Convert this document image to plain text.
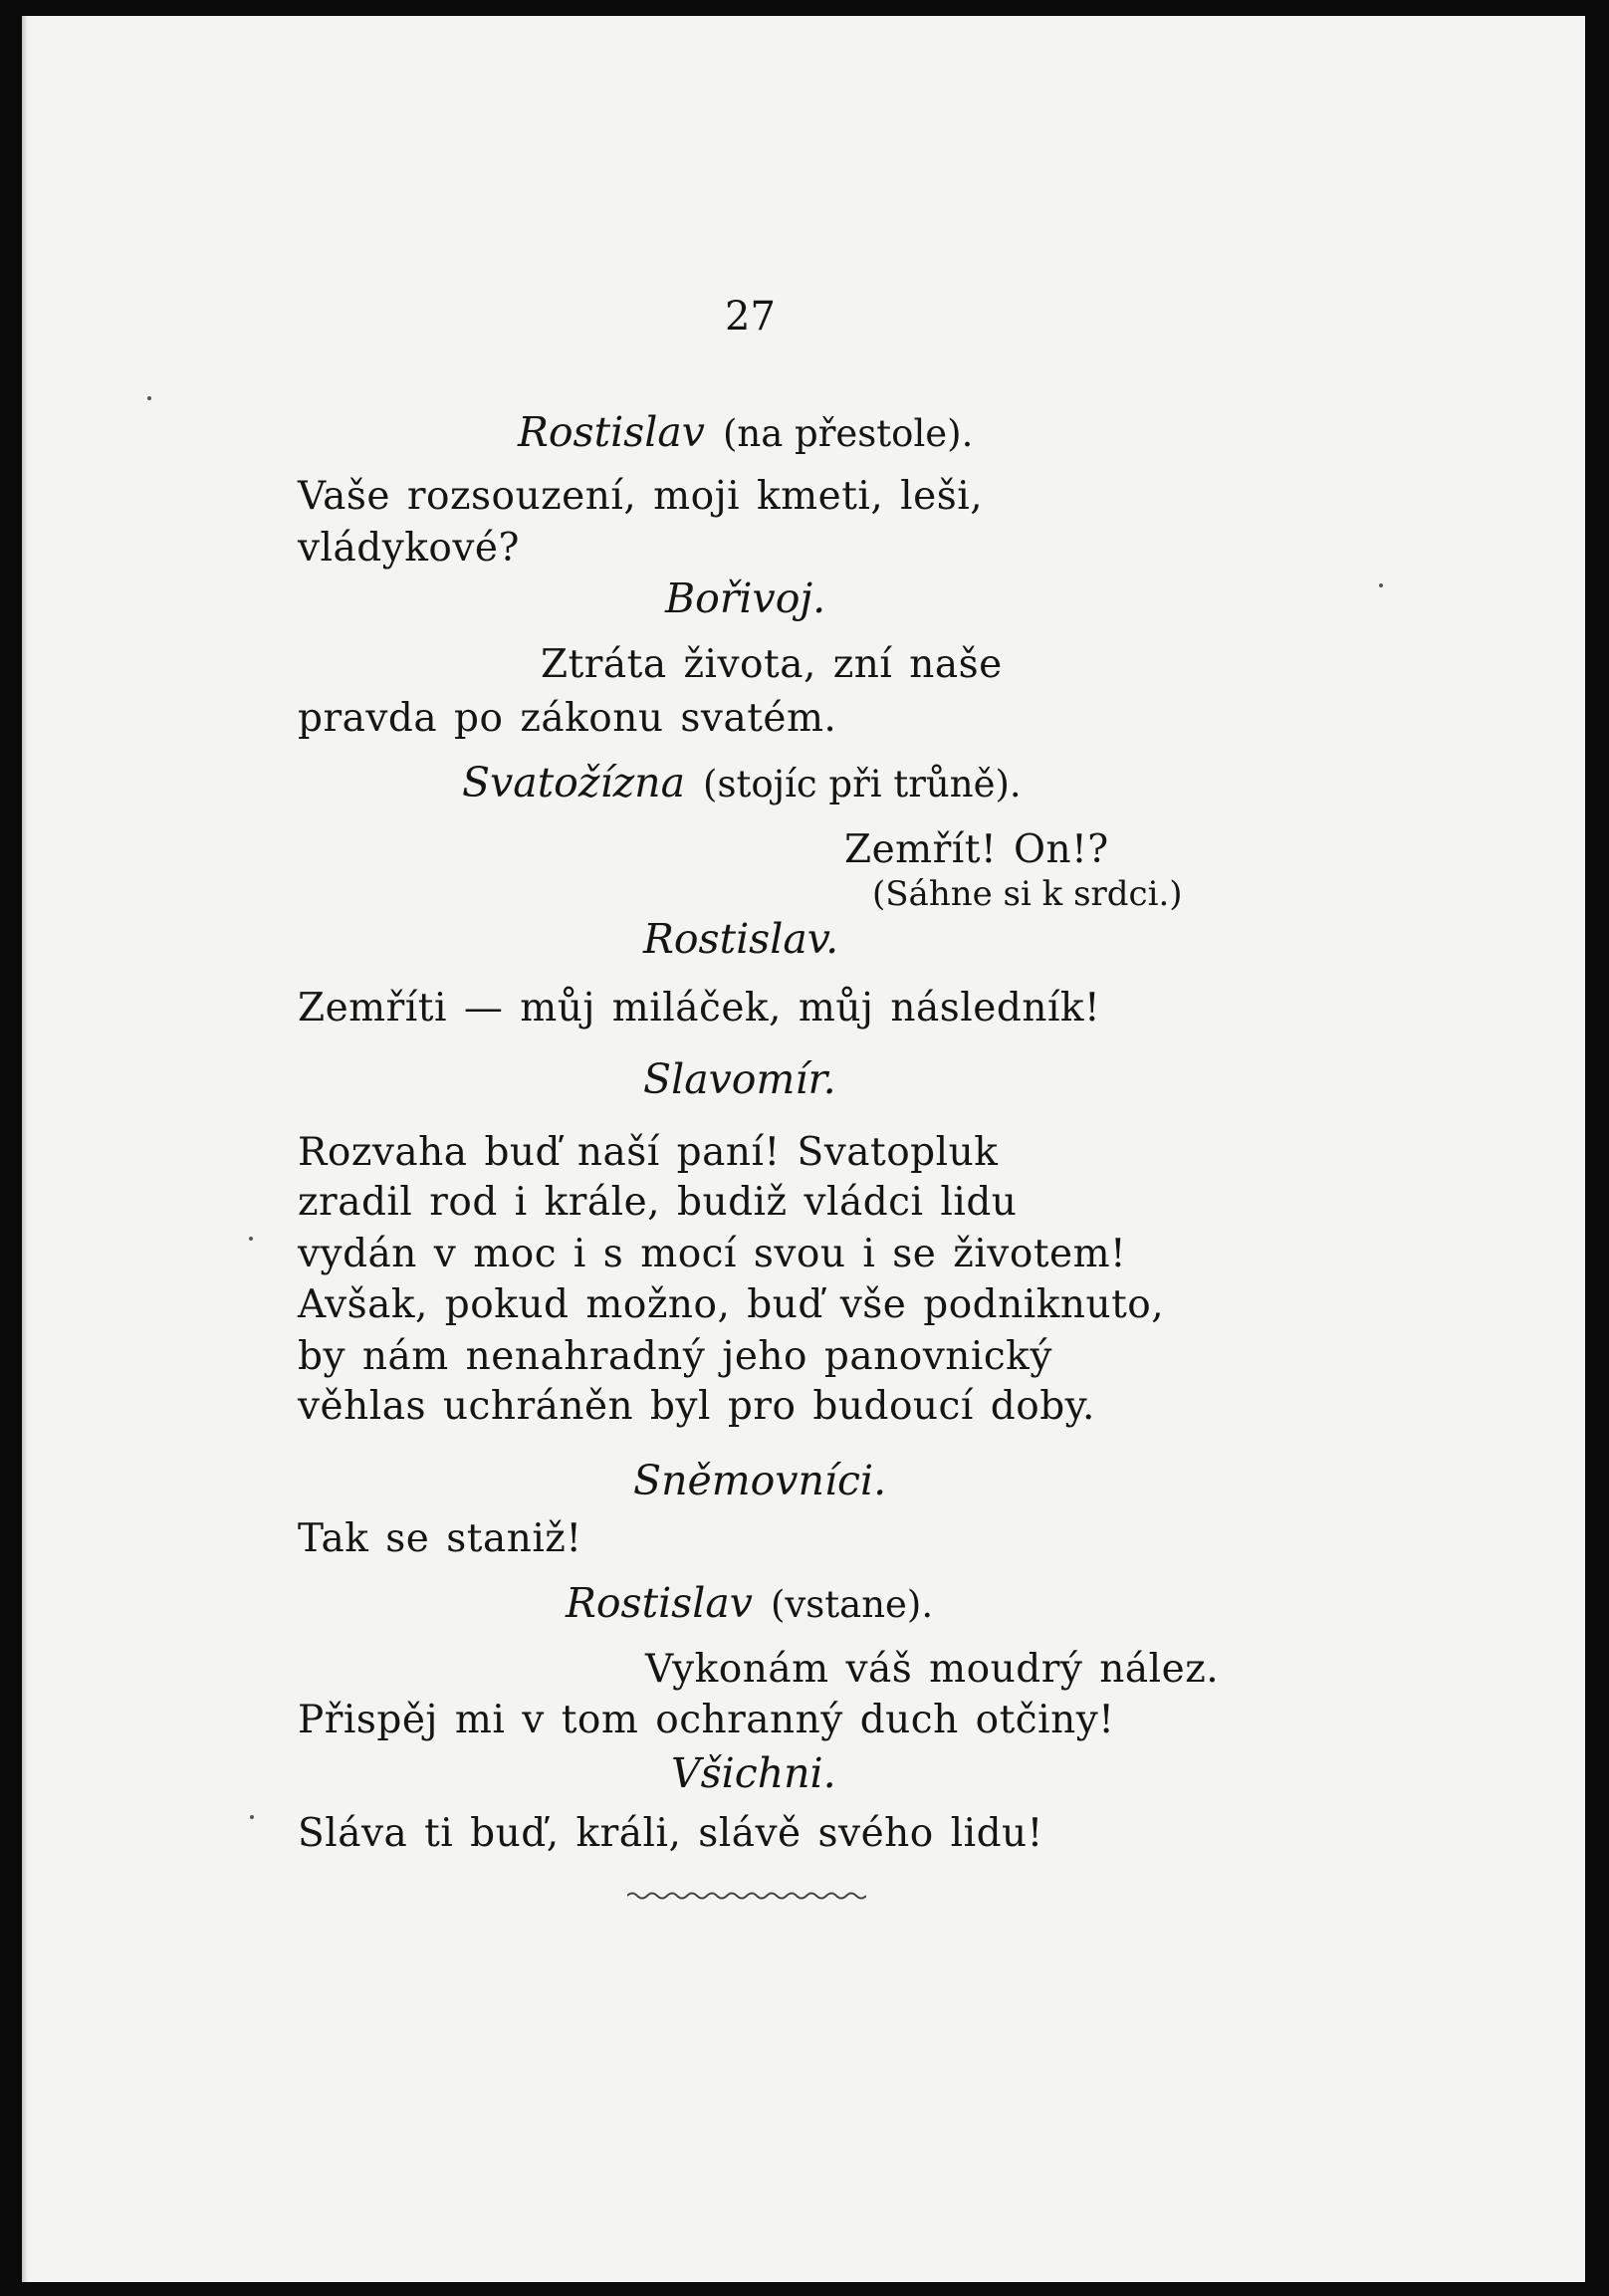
27
Rostislav (na přestole).
Vaše rozsouzení, moji kmeti, leši,
vládykové?
Bořivoj.
Ztráta života, zní naše
pravda po zákonu svatém.
Svatožízna (stojíc při trůně).
Zemřít! On!?
(Sáhne si k srdci.)
Rostislav.
Zemříti — můj miláček, můj následník!
Slavomír.
Rozvaha buď naší paní! Svatopluk
zradil rod i krále, budiž vládci lidu
vydán v moc i s mocí svou i se životem!
Avšak, pokud možno, buď vše podniknuto,
by nám nenahradný jeho panovnický
věhlas uchráněn byl pro budoucí doby.
Sněmovníci.
Tak se staniž!
Rostislav (vstane).
Vykonám váš moudrý nález.
Přispěj mi v tom ochranný duch otčiny!
Všichni.
Sláva ti buď, králi, slávě svého lidu!
